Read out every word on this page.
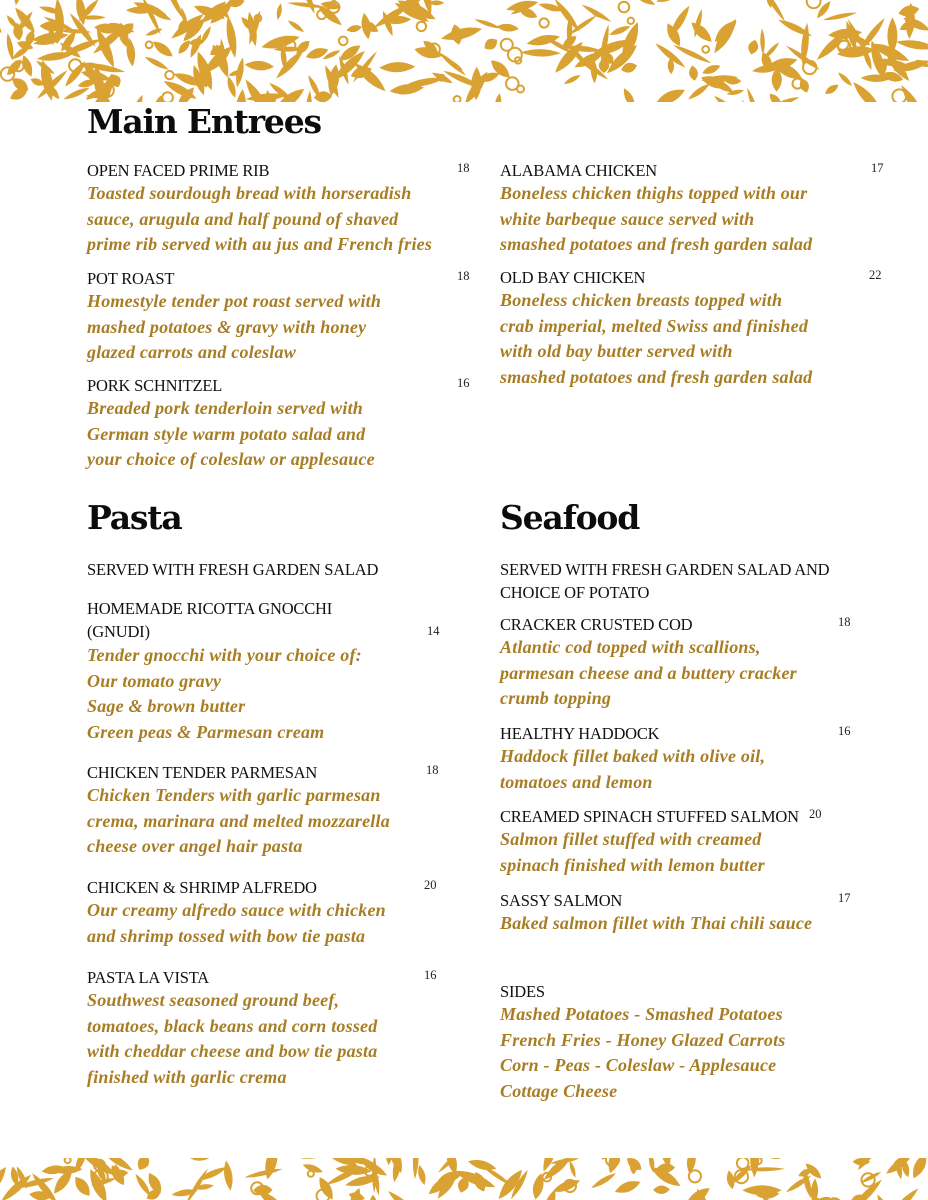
Main Entrees
OPEN FACED PRIME RIB	18
Toasted sourdough bread with horseradish
sauce, arugula and half pound of shaved
prime rib served with au jus and French fries
POT ROAST	18
Homestyle tender pot roast served with
mashed potatoes & gravy with honey
glazed carrots and coleslaw
PORK SCHNITZEL	16
Breaded pork tenderloin served with
German style warm potato salad and
your choice of coleslaw or applesauce
ALABAMA CHICKEN	17
Boneless chicken thighs topped with our
white barbeque sauce served with
smashed potatoes and fresh garden salad
OLD BAY CHICKEN	22
Boneless chicken breasts topped with
crab imperial, melted Swiss and finished
with old bay butter served with
smashed potatoes and fresh garden salad
Pasta
SERVED WITH FRESH GARDEN SALAD
HOMEMADE RICOTTA GNOCCHI (GNUDI)	14
Tender gnocchi with your choice of:
Our tomato gravy
Sage & brown butter
Green peas & Parmesan cream
CHICKEN TENDER PARMESAN	18
Chicken Tenders with garlic parmesan
crema, marinara and melted mozzarella
cheese over angel hair pasta
CHICKEN & SHRIMP ALFREDO	20
Our creamy alfredo sauce with chicken
and shrimp tossed with bow tie pasta
PASTA LA VISTA	16
Southwest seasoned ground beef,
tomatoes, black beans and corn tossed
with cheddar cheese and bow tie pasta
finished with garlic crema
Seafood
SERVED WITH FRESH GARDEN SALAD AND CHOICE OF POTATO
CRACKER CRUSTED COD	18
Atlantic cod topped with scallions,
parmesan cheese and a buttery cracker
crumb topping
HEALTHY HADDOCK	16
Haddock fillet baked with olive oil,
tomatoes and lemon
CREAMED SPINACH STUFFED SALMON 20
Salmon fillet stuffed with creamed
spinach finished with lemon butter
SASSY SALMON	17
Baked salmon fillet with Thai chili sauce
SIDES
Mashed Potatoes - Smashed Potatoes
French Fries - Honey Glazed Carrots
Corn - Peas - Coleslaw - Applesauce
Cottage Cheese
